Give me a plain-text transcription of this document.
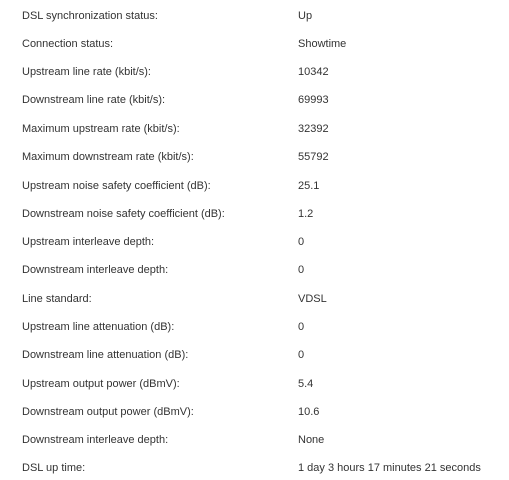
DSL synchronization status:	Up
Connection status:	Showtime
Upstream line rate (kbit/s):	10342
Downstream line rate (kbit/s):	69993
Maximum upstream rate (kbit/s):	32392
Maximum downstream rate (kbit/s):	55792
Upstream noise safety coefficient (dB):	25.1
Downstream noise safety coefficient (dB):	1.2
Upstream interleave depth:	0
Downstream interleave depth:	0
Line standard:	VDSL
Upstream line attenuation (dB):	0
Downstream line attenuation (dB):	0
Upstream output power (dBmV):	5.4
Downstream output power (dBmV):	10.6
Downstream interleave depth:	None
DSL up time:	1 day 3 hours 17 minutes 21 seconds
